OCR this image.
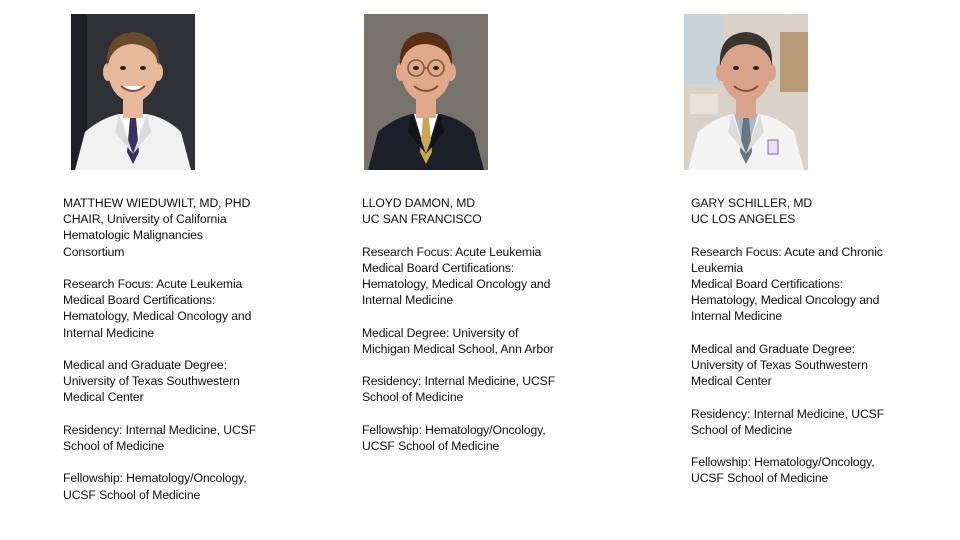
MATTHEW WIEDUWILT, MD, PHD
CHAIR, University of California
Hematologic Malignancies
Consortium

Research Focus: Acute Leukemia
Medical Board Certifications:
Hematology, Medical Oncology and
Internal Medicine

Medical and Graduate Degree:
University of Texas Southwestern
Medical Center

Residency: Internal Medicine, UCSF
School of Medicine

Fellowship: Hematology/Oncology,
UCSF School of Medicine

LLOYD DAMON, MD
UC SAN FRANCISCO

Research Focus: Acute Leukemia
Medical Board Certifications:
Hematology, Medical Oncology and
Internal Medicine

Medical Degree: University of
Michigan Medical School, Ann Arbor

Residency: Internal Medicine, UCSF
School of Medicine

Fellowship: Hematology/Oncology,
UCSF School of Medicine

GARY SCHILLER, MD
UC LOS ANGELES

Research Focus: Acute and Chronic
Leukemia
Medical Board Certifications:
Hematology, Medical Oncology and
Internal Medicine

Medical and Graduate Degree:
University of Texas Southwestern
Medical Center

Residency: Internal Medicine, UCSF
School of Medicine

Fellowship: Hematology/Oncology,
UCSF School of Medicine
